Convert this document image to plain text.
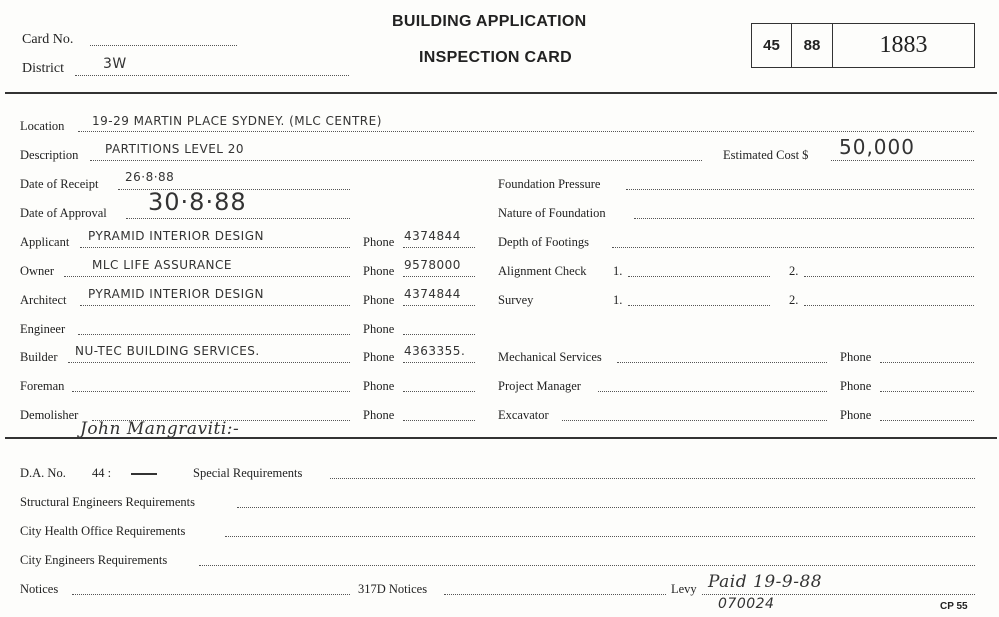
Card No.
District	3W
BUILDING APPLICATION
INSPECTION CARD
45	88	1883
Location 19-29 MARTIN PLACE SYDNEY. (MLC CENTRE)
Description PARTITIONS LEVEL 20	Estimated Cost $ 50,000
Date of Receipt 26·8·88
Date of Approval 30·8·88
Applicant PYRAMID INTERIOR DESIGN	Phone 4374844
Owner	MLC LIFE ASSURANCE	Phone 9578000
Architect PYRAMID INTERIOR DESIGN	Phone 4374844
Engineer	Phone
Builder NU-TEC BUILDING SERVICES.	Phone 4363355.
Foreman	Phone
Demolisher	Phone
Foundation Pressure
Nature of Foundation
Depth of Footings
Alignment Check 1.	2.
Survey	1.	2.
Mechanical Services	Phone
Project Manager	Phone
Excavator	Phone
John Mangraviti:-
D.A. No. 44 :	Special Requirements
Structural Engineers Requirements
City Health Office Requirements
City Engineers Requirements
Notices	317D Notices	Levy Paid 19-9-88
070024	CP 55
